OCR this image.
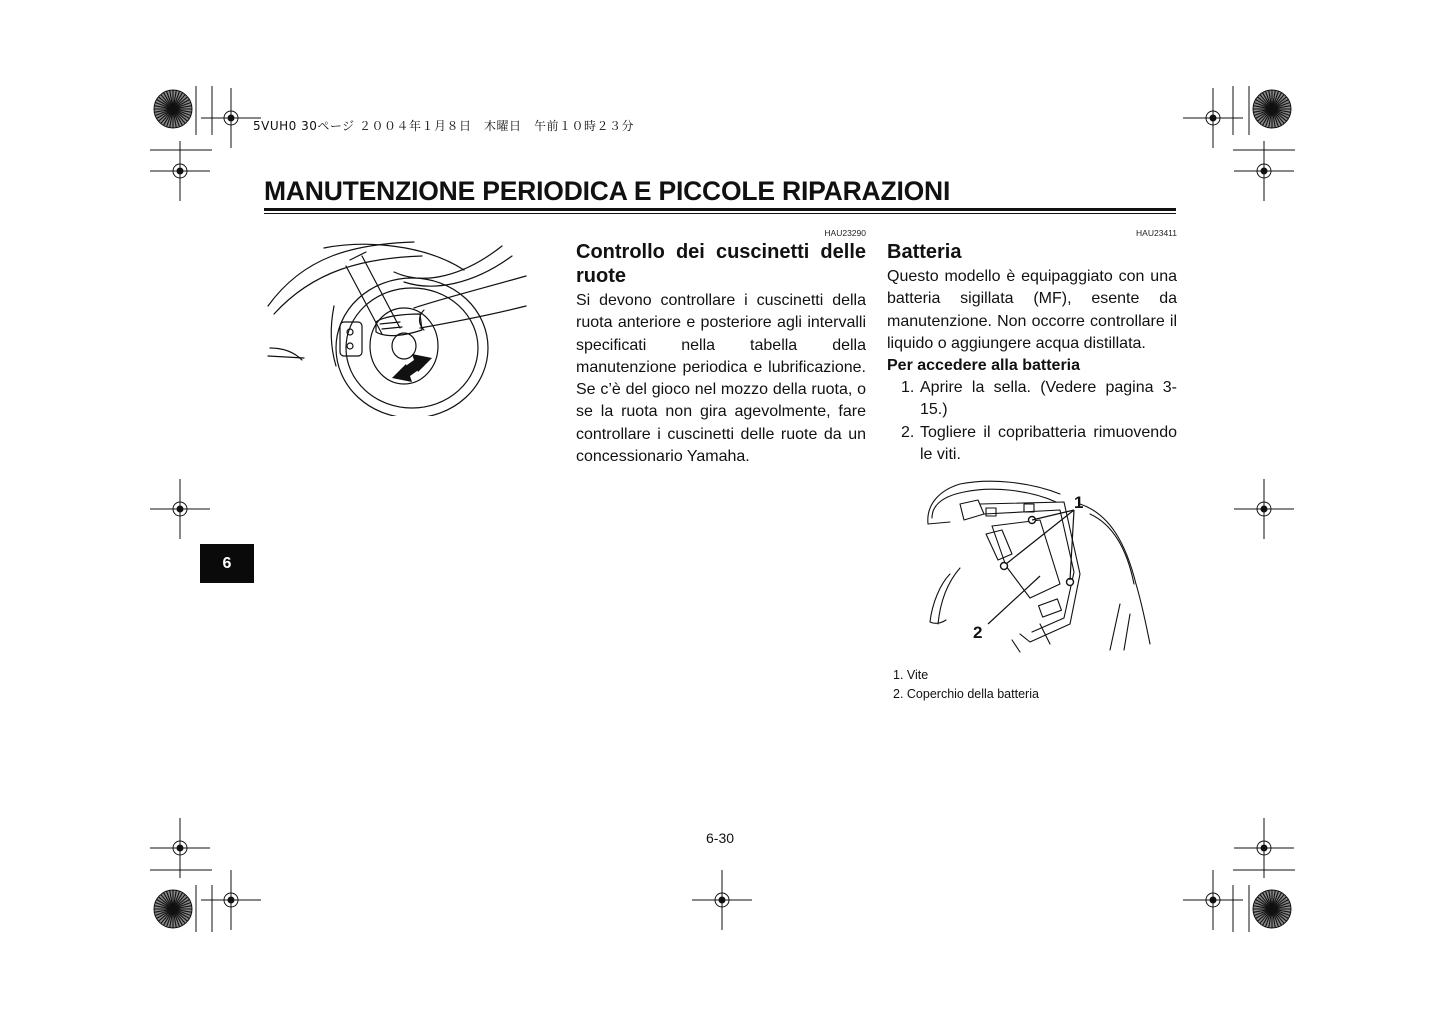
5VUH0 30ページ ２００４年１月８日　木曜日　午前１０時２３分
MANUTENZIONE PERIODICA E PICCOLE RIPARAZIONI
6
HAU23290
Controllo dei cuscinetti delle ruote

Si devono controllare i cuscinetti della ruota anteriore e posteriore agli intervalli specificati nella tabella della manutenzione periodica e lubrificazione. Se c’è del gioco nel mozzo della ruota, o se la ruota non gira agevolmente, fare controllare i cuscinetti delle ruote da un concessionario Yamaha.

HAU23411
Batteria

Questo modello è equipaggiato con una batteria sigillata (MF), esente da manutenzione. Non occorre controllare il liquido o aggiungere acqua distillata.

Per accedere alla batteria
1. Aprire la sella. (Vedere pagina 3-15.)
2. Togliere il copribatteria rimuovendo le viti.
1
2
1. Vite
2. Coperchio della batteria
6-30
